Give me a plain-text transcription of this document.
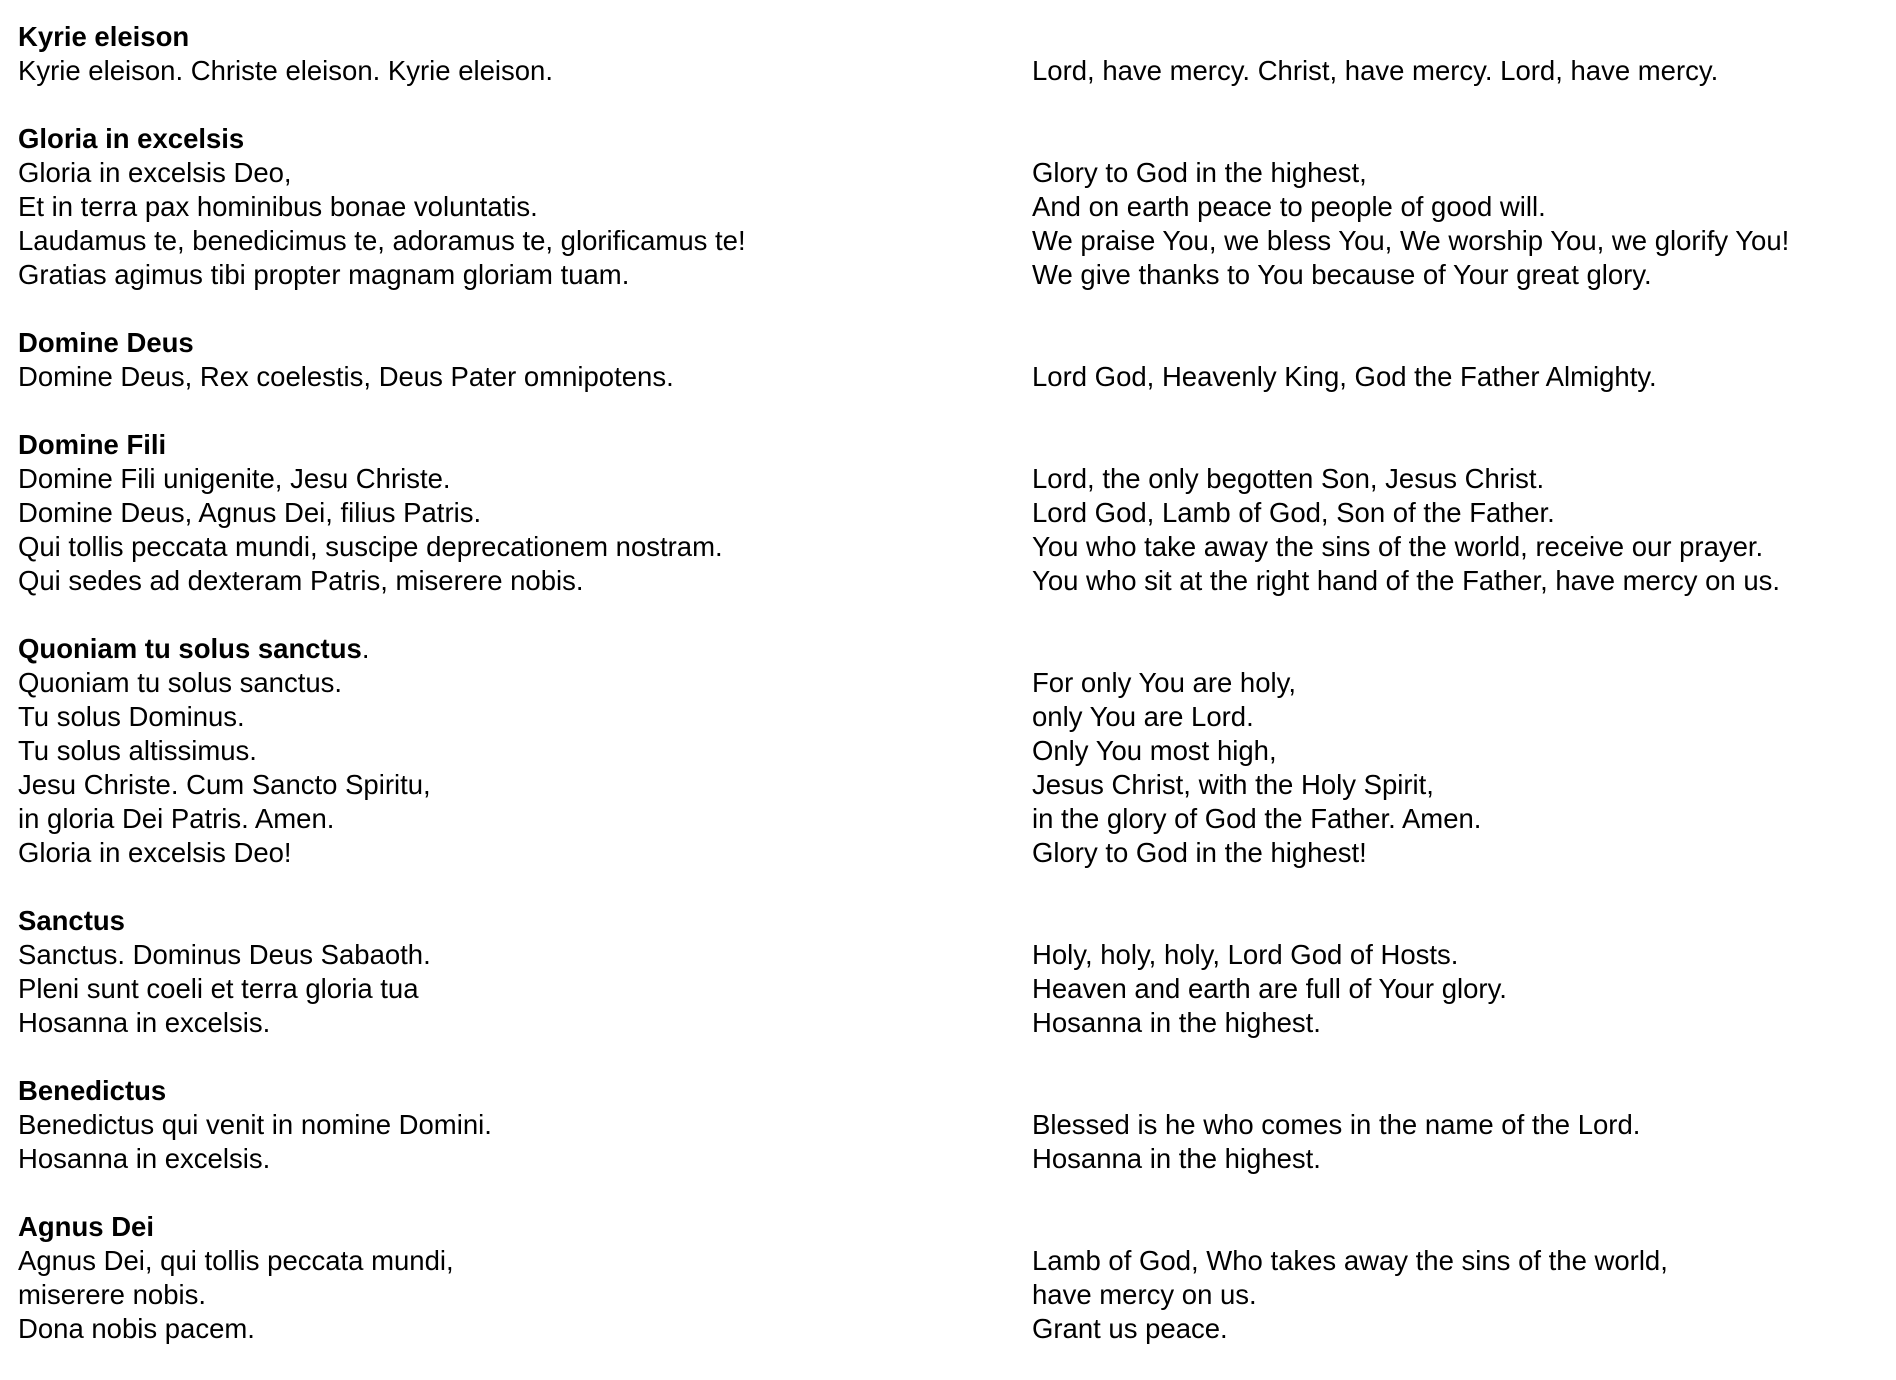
Kyrie eleison
Kyrie eleison. Christe eleison. Kyrie eleison.	Lord, have mercy. Christ, have mercy. Lord, have mercy.
Gloria in excelsis
Gloria in excelsis Deo,	Glory to God in the highest,
Et in terra pax hominibus bonae voluntatis.	And on earth peace to people of good will.
Laudamus te, benedicimus te, adoramus te, glorificamus te!	We praise You, we bless You, We worship You, we glorify You!
Gratias agimus tibi propter magnam gloriam tuam.	We give thanks to You because of Your great glory.
Domine Deus
Domine Deus, Rex coelestis, Deus Pater omnipotens.	Lord God, Heavenly King, God the Father Almighty.
Domine Fili
Domine Fili unigenite, Jesu Christe.	Lord, the only begotten Son, Jesus Christ.
Domine Deus, Agnus Dei, filius Patris.	Lord God, Lamb of God, Son of the Father.
Qui tollis peccata mundi, suscipe deprecationem nostram.	You who take away the sins of the world, receive our prayer.
Qui sedes ad dexteram Patris, miserere nobis.	You who sit at the right hand of the Father, have mercy on us.
Quoniam tu solus sanctus.
Quoniam tu solus sanctus.	For only You are holy,
Tu solus Dominus.	only You are Lord.
Tu solus altissimus.	Only You most high,
Jesu Christe. Cum Sancto Spiritu,	Jesus Christ, with the Holy Spirit,
in gloria Dei Patris. Amen.	in the glory of God the Father. Amen.
Gloria in excelsis Deo!	Glory to God in the highest!
Sanctus
Sanctus. Dominus Deus Sabaoth.	Holy, holy, holy, Lord God of Hosts.
Pleni sunt coeli et terra gloria tua	Heaven and earth are full of Your glory.
Hosanna in excelsis.	Hosanna in the highest.
Benedictus
Benedictus qui venit in nomine Domini.	Blessed is he who comes in the name of the Lord.
Hosanna in excelsis.	Hosanna in the highest.
Agnus Dei
Agnus Dei, qui tollis peccata mundi,	Lamb of God, Who takes away the sins of the world,
miserere nobis.	have mercy on us.
Dona nobis pacem.	Grant us peace.
